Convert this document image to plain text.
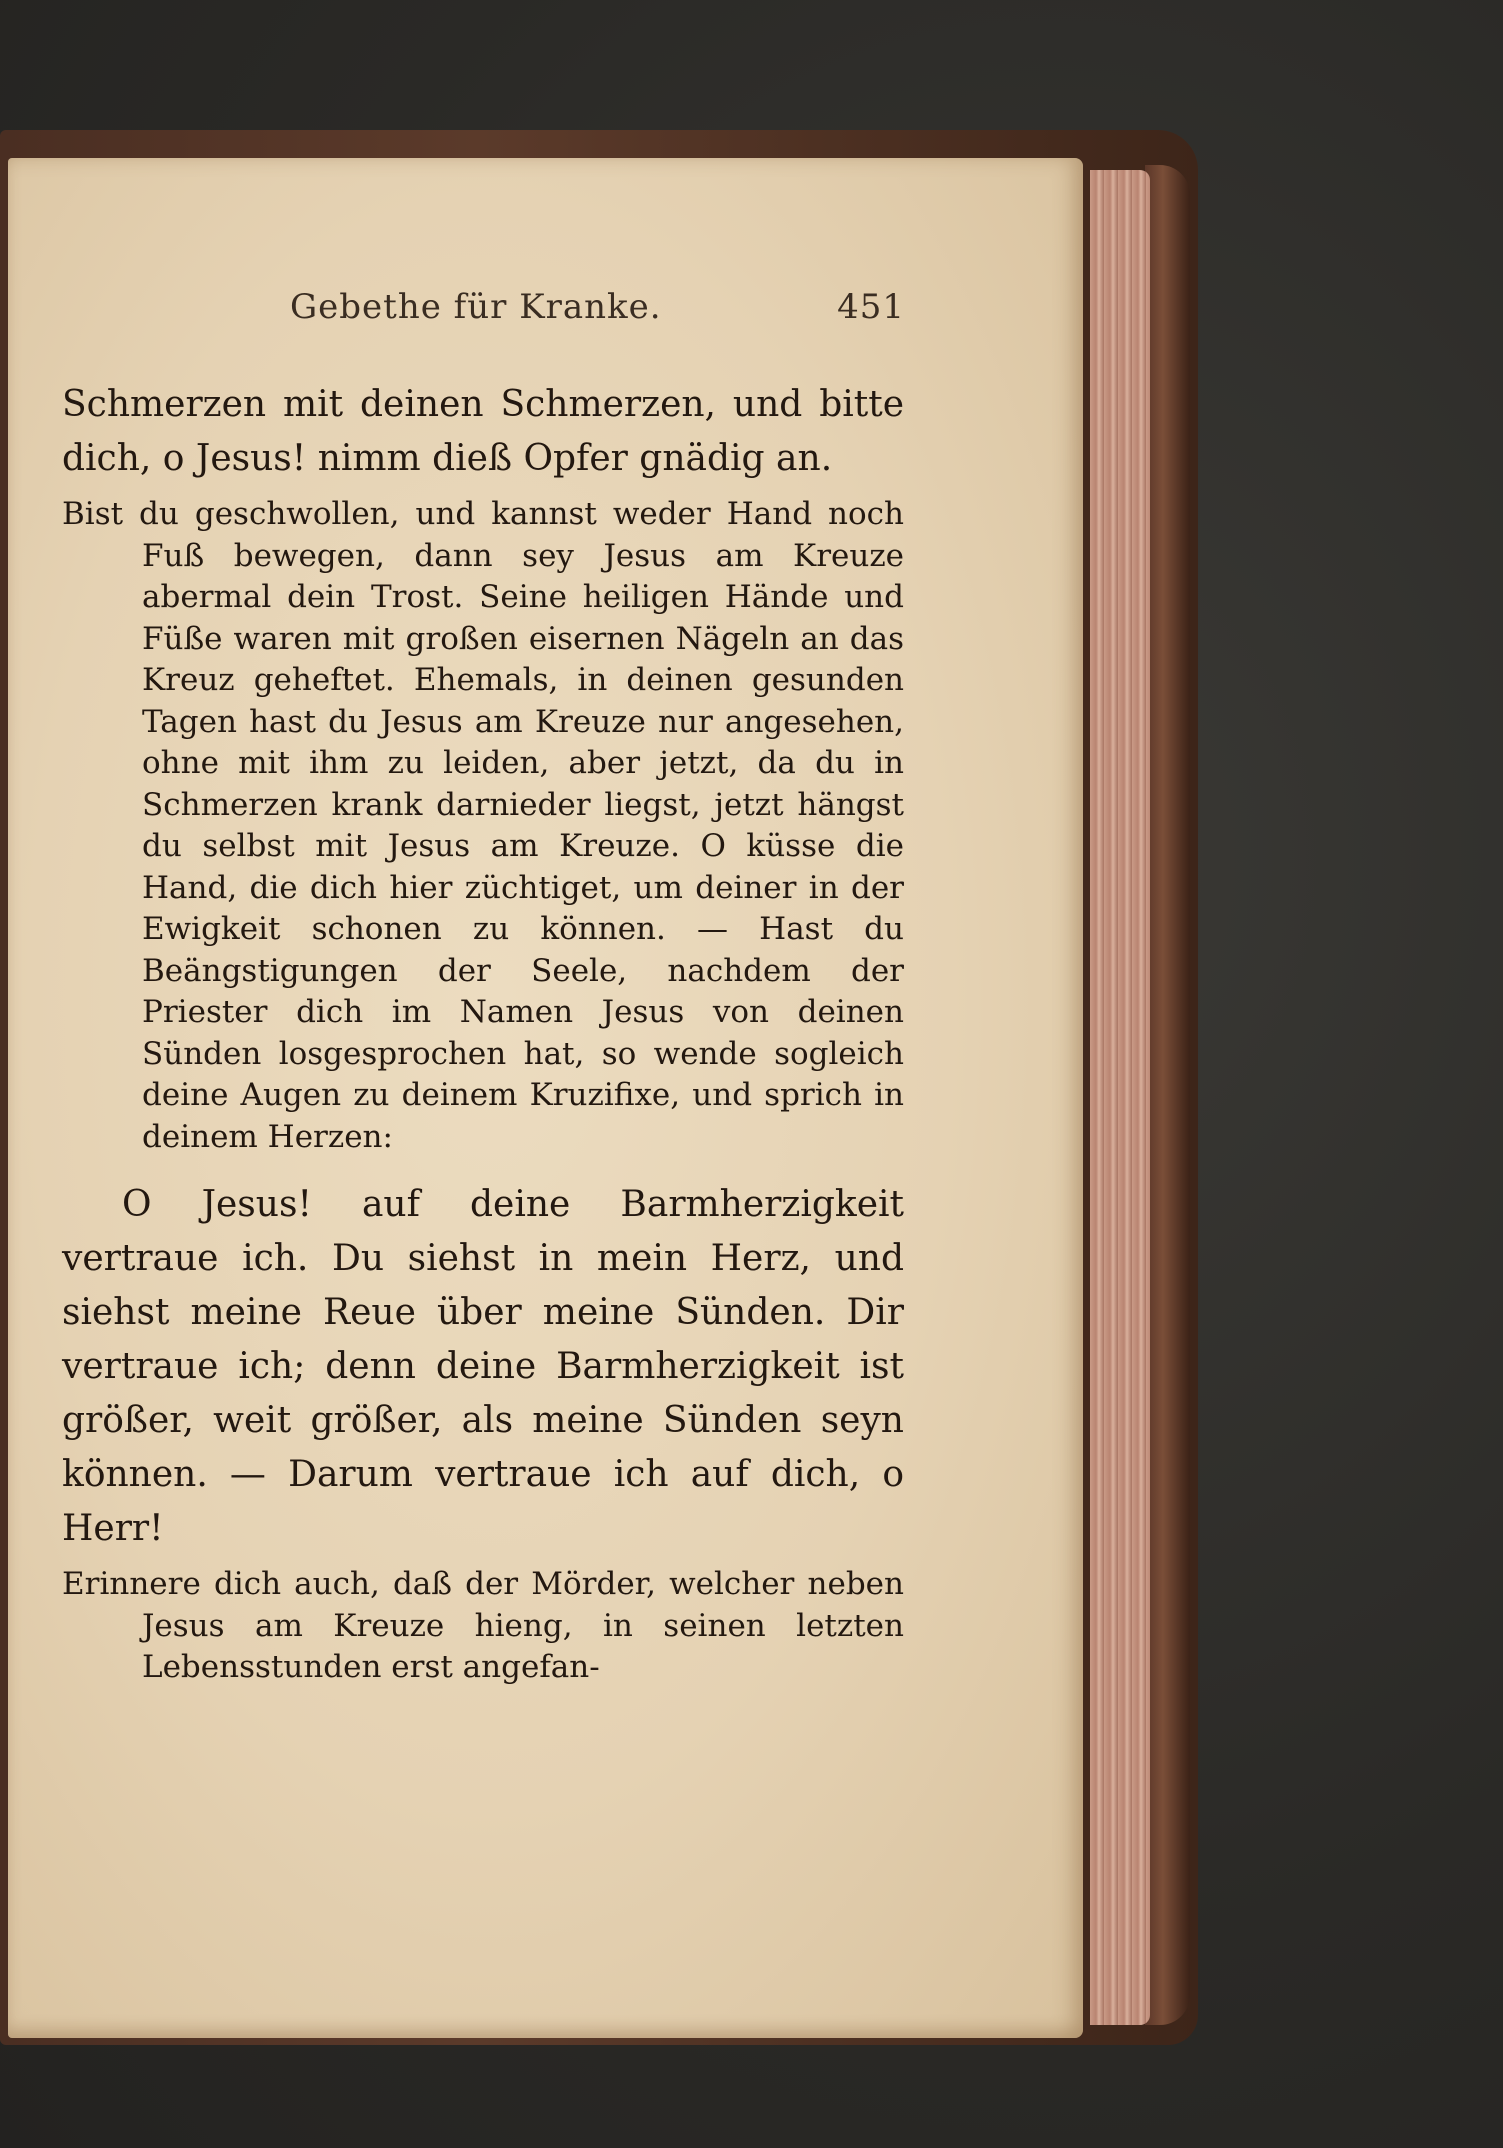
Gebethe für Kranke.	451

Schmerzen mit deinen Schmerzen, und bitte dich, o Jesus! nimm dieß Opfer gnädig an.

Bist du geschwollen, und kannst weder Hand noch Fuß bewegen, dann sey Jesus am Kreuze abermal dein Trost. Seine heiligen Hände und Füße waren mit großen eisernen Nägeln an das Kreuz geheftet. Ehemals, in deinen gesunden Tagen hast du Jesus am Kreuze nur angesehen, ohne mit ihm zu leiden, aber jetzt, da du in Schmerzen krank darnieder liegst, jetzt hängst du selbst mit Jesus am Kreuze. O küsse die Hand, die dich hier züchtiget, um deiner in der Ewigkeit schonen zu können. — Hast du Beängstigungen der Seele, nachdem der Priester dich im Namen Jesus von deinen Sünden losgesprochen hat, so wende sogleich deine Augen zu deinem Kruzifixe, und sprich in deinem Herzen:

O Jesus! auf deine Barmherzigkeit vertraue ich. Du siehst in mein Herz, und siehst meine Reue über meine Sünden. Dir vertraue ich; denn deine Barmherzigkeit ist größer, weit größer, als meine Sünden seyn können. — Darum vertraue ich auf dich, o Herr!

Erinnere dich auch, daß der Mörder, welcher neben Jesus am Kreuze hieng, in seinen letzten Lebensstunden erst angefan-
